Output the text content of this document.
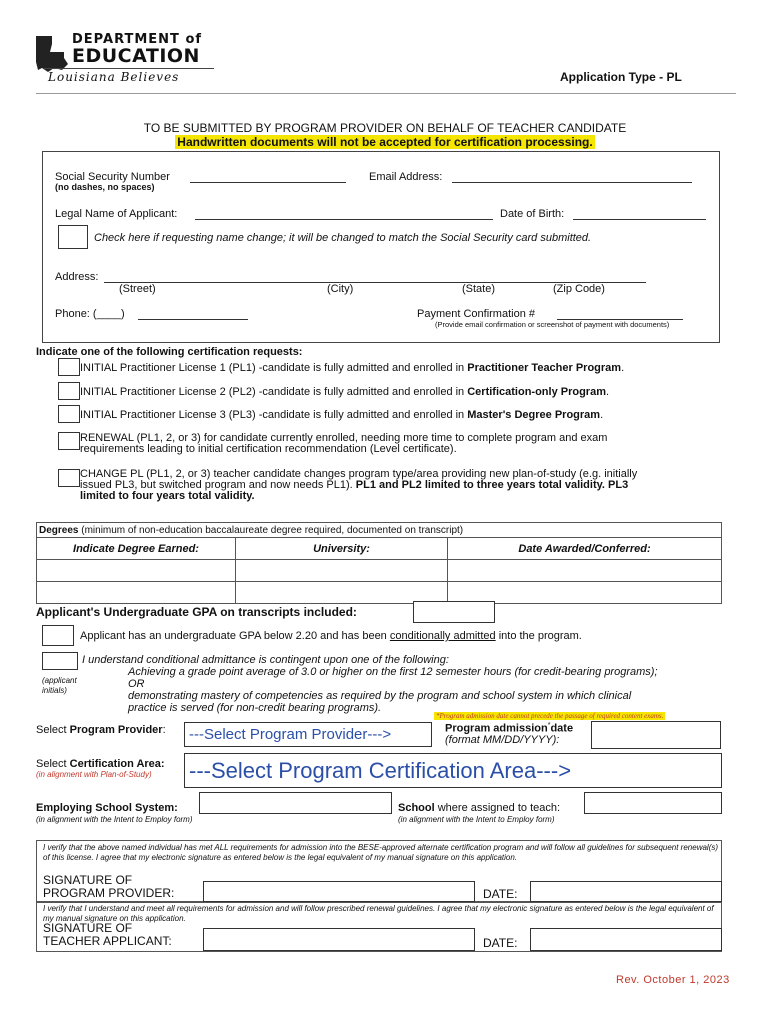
DEPARTMENT of
EDUCATION
Louisiana Believes	Application Type - PL
TO BE SUBMITTED BY PROGRAM PROVIDER ON BEHALF OF TEACHER CANDIDATE
Handwritten documents will not be accepted for certification processing.
Social Security Number
(no dashes, no spaces)
Email Address:
Legal Name of Applicant:	Date of Birth:
Check here if requesting name change; it will be changed to match the Social Security card submitted.
Address:
(Street)	(City)	(State)	(Zip Code)
Phone: (____)	Payment Confirmation #
(Provide email confirmation or screenshot of payment with documents)
Indicate one of the following certification requests:
INITIAL Practitioner License 1 (PL1) -candidate is fully admitted and enrolled in Practitioner Teacher Program.
INITIAL Practitioner License 2 (PL2) -candidate is fully admitted and enrolled in Certification-only Program.
INITIAL Practitioner License 3 (PL3) -candidate is fully admitted and enrolled in Master's Degree Program.
RENEWAL (PL1, 2, or 3) for candidate currently enrolled, needing more time to complete program and exam
requirements leading to initial certification recommendation (Level certificate).
CHANGE PL (PL1, 2, or 3) teacher candidate changes program type/area providing new plan-of-study (e.g. initially
issued PL3, but switched program and now needs PL1). PL1 and PL2 limited to three years total validity. PL3
limited to four years total validity.
Degrees (minimum of non-education baccalaureate degree required, documented on transcript)		
Indicate Degree Earned:	University:	Date Awarded/Conferred:

Applicant's Undergraduate GPA on transcripts included:
Applicant has an undergraduate GPA below 2.20 and has been conditionally admitted into the program.
(applicant initials)
I understand conditional admittance is contingent upon one of the following:
Achieving a grade point average of 3.0 or higher on the first 12 semester hours (for credit-bearing programs);
OR
demonstrating mastery of competencies as required by the program and school system in which clinical
practice is served (for non-credit bearing programs).
*Program admission date cannot precede the passage of required content exams.
Select Program Provider:	---Select Program Provider--->	Program admission*date
(format MM/DD/YYYY):
Select Certification Area:
(in alignment with Plan-of-Study) ---Select Program Certification Area--->
Employing School System:
(in alignment with the Intent to Employ form)
School where assigned to teach:
(in alignment with the Intent to Employ form)
I verify that the above named individual has met ALL requirements for admission into the BESE-approved alternate certification program and will follow all guidelines for subsequent renewal(s) of this license. I agree that my electronic signature as entered below is the legal equivalent of my manual signature on this application.
SIGNATURE OF
PROGRAM PROVIDER:	DATE:
I verify that I understand and meet all requirements for admission and will follow prescribed renewal guidelines. I agree that my electronic signature as entered below is the legal equivalent of my manual signature on this application.
SIGNATURE OF
TEACHER APPLICANT:	DATE:
Rev. October 1, 2023
